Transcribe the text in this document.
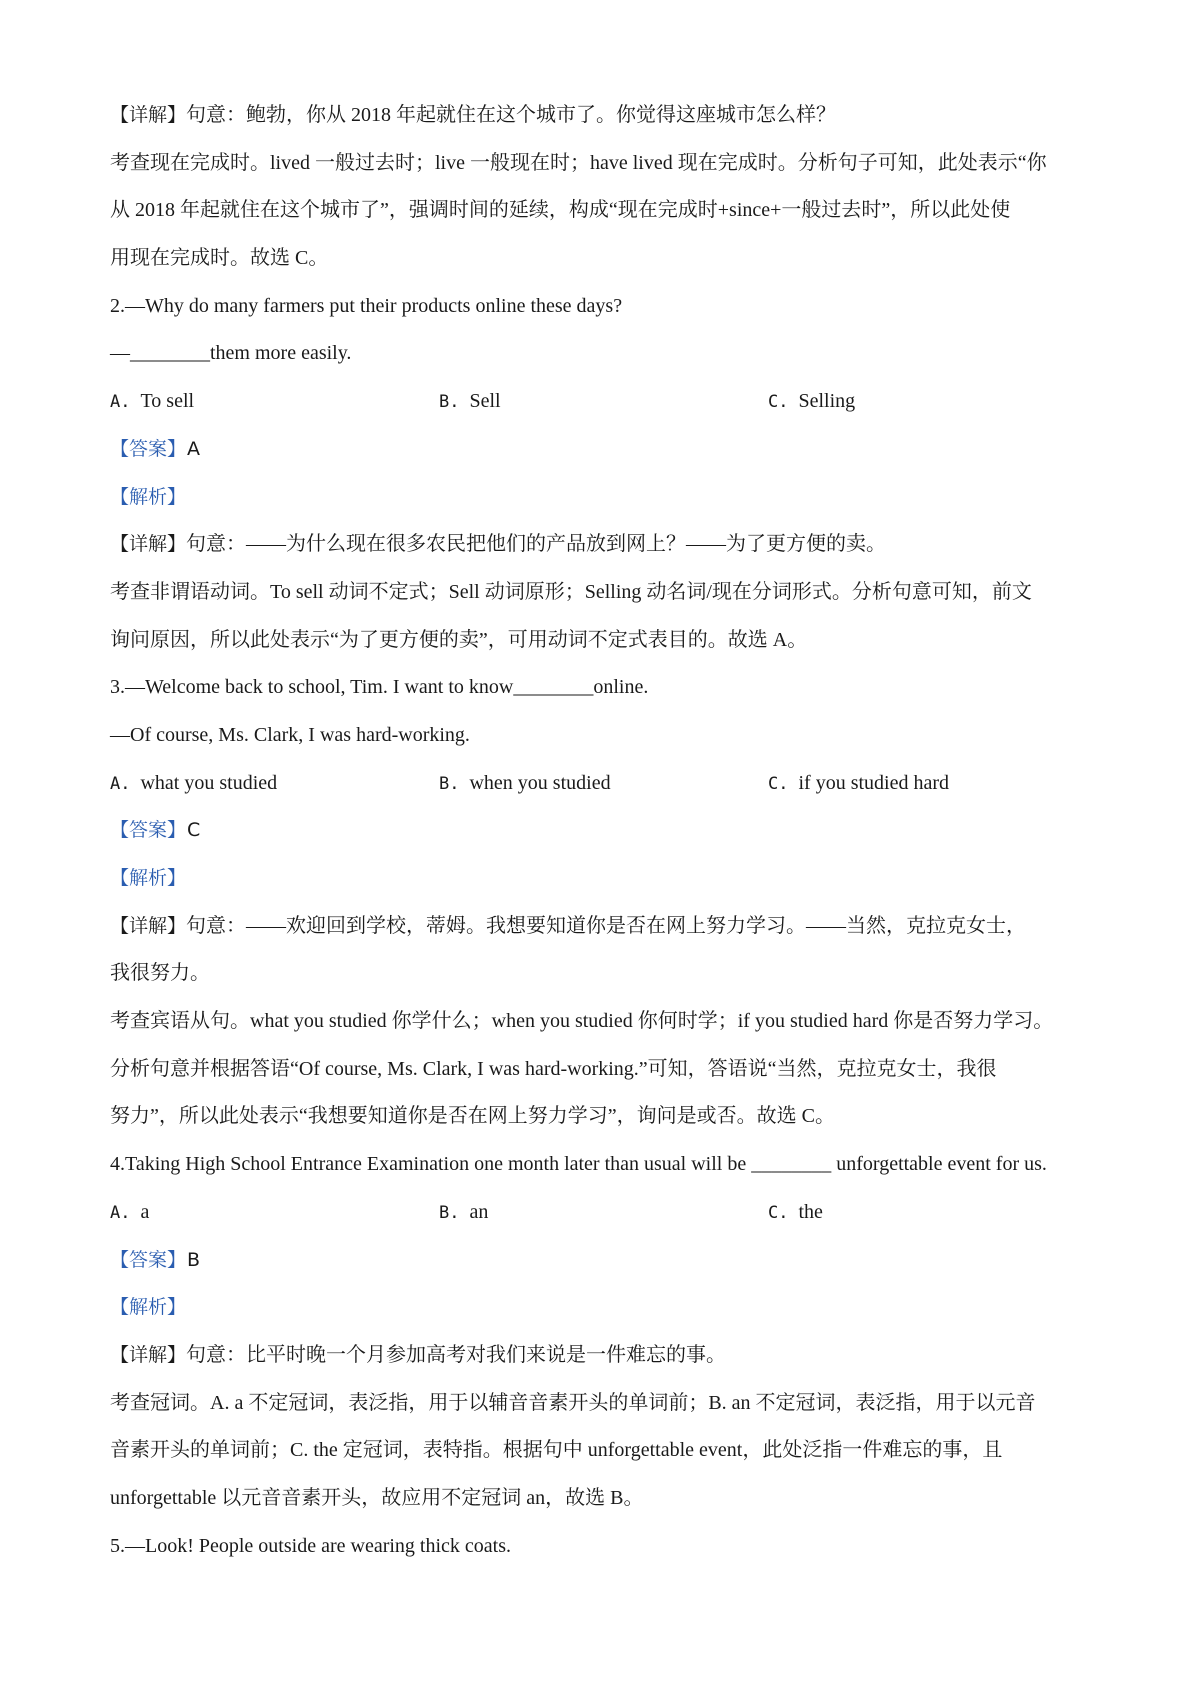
【详解】句意：鲍勃，你从 2018 年起就住在这个城市了。你觉得这座城市怎么样？
考查现在完成时。lived 一般过去时；live 一般现在时；have lived 现在完成时。分析句子可知，此处表示“你
从 2018 年起就住在这个城市了”，强调时间的延续，构成“现在完成时+since+一般过去时”，所以此处使
用现在完成时。故选 C。
2.—Why do many farmers put their products online these days?
—________them more easily.
A. To sell	B. Sell	C. Selling
【答案】A
【解析】
【详解】句意：——为什么现在很多农民把他们的产品放到网上？——为了更方便的卖。
考查非谓语动词。To sell 动词不定式；Sell 动词原形；Selling 动名词/现在分词形式。分析句意可知，前文
询问原因，所以此处表示“为了更方便的卖”，可用动词不定式表目的。故选 A。
3.—Welcome back to school, Tim. I want to know________online.
—Of course, Ms. Clark, I was hard-working.
A. what you studied	B. when you studied	C. if you studied hard
【答案】C
【解析】
【详解】句意：——欢迎回到学校，蒂姆。我想要知道你是否在网上努力学习。——当然，克拉克女士，
我很努力。
考查宾语从句。what you studied 你学什么；when you studied 你何时学；if you studied hard 你是否努力学习。
分析句意并根据答语“Of course, Ms. Clark, I was hard-working.”可知，答语说“当然，克拉克女士，我很
努力”，所以此处表示“我想要知道你是否在网上努力学习”，询问是或否。故选 C。
4.Taking High School Entrance Examination one month later than usual will be ________ unforgettable event for us.
A. a	B. an	C. the
【答案】B
【解析】
【详解】句意：比平时晚一个月参加高考对我们来说是一件难忘的事。
考查冠词。A. a 不定冠词，表泛指，用于以辅音音素开头的单词前；B. an 不定冠词，表泛指，用于以元音
音素开头的单词前；C. the 定冠词，表特指。根据句中 unforgettable event，此处泛指一件难忘的事，且
unforgettable 以元音音素开头，故应用不定冠词 an，故选 B。
5.—Look! People outside are wearing thick coats.
